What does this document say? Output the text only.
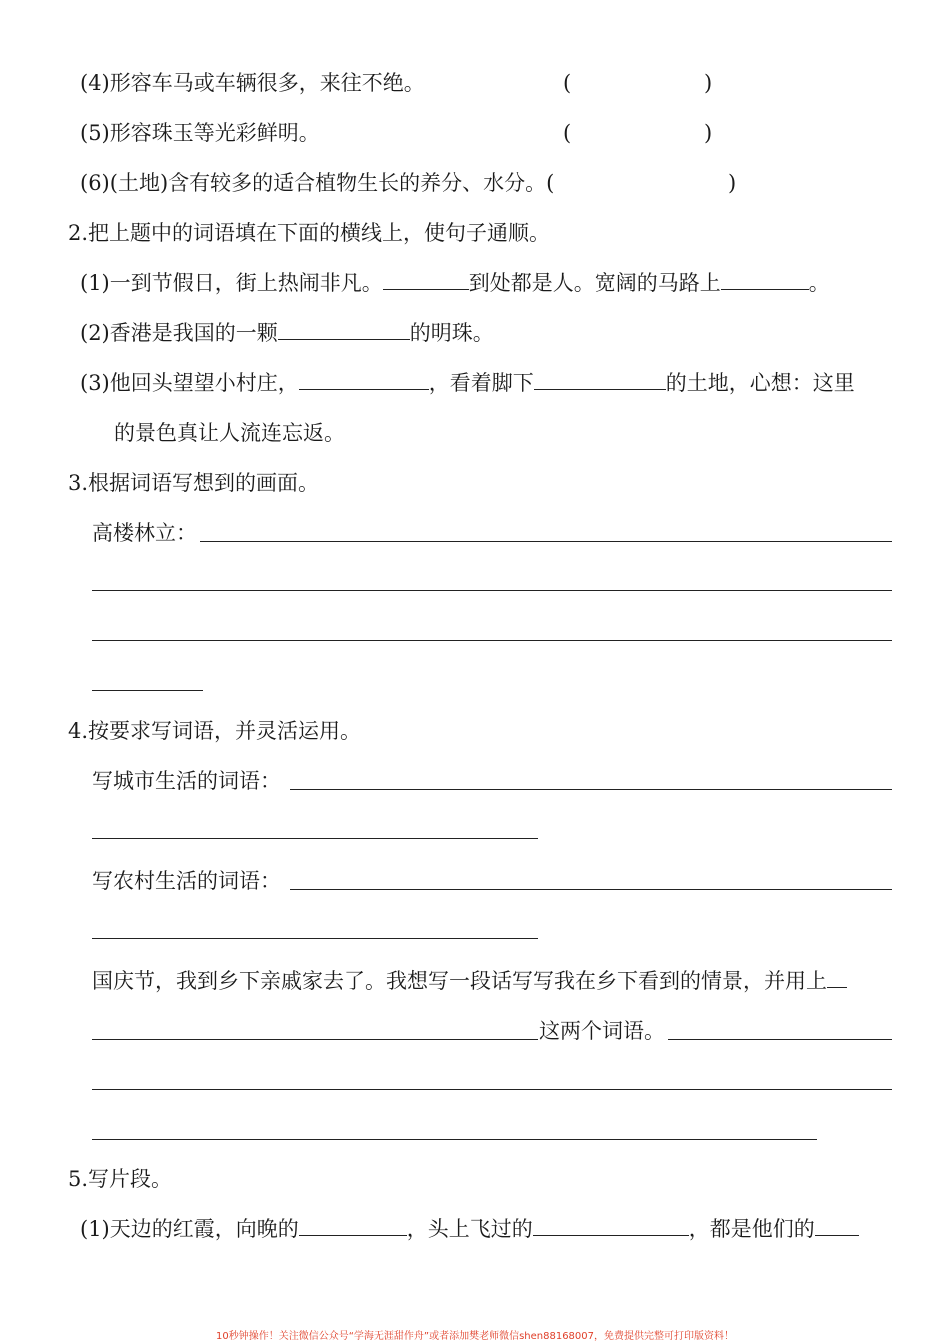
(4)形容车马或车辆很多，来往不绝。	(	)
(5)形容珠玉等光彩鲜明。	(	)
(6)(土地)含有较多的适合植物生长的养分、水分。(	)
2.把上题中的词语填在下面的横线上，使句子通顺。
(1)一到节假日，街上热闹非凡。	到处都是人。宽阔的马路上	。
(2)香港是我国的一颗	的明珠。
(3)他回头望望小村庄，	，看着脚下	的土地，心想：这里
的景色真让人流连忘返。
3.根据词语写想到的画面。
高楼林立：
4.按要求写词语，并灵活运用。
写城市生活的词语：
写农村生活的词语：
国庆节，我到乡下亲戚家去了。我想写一段话写写我在乡下看到的情景，并用上
这两个词语。
5.写片段。
(1)天边的红霞，向晚的	，头上飞过的	，都是他们的
10秒钟操作！关注微信公众号“学海无涯甜作舟”或者添加樊老师微信shen88168007，免费提供完整可打印版资料！
